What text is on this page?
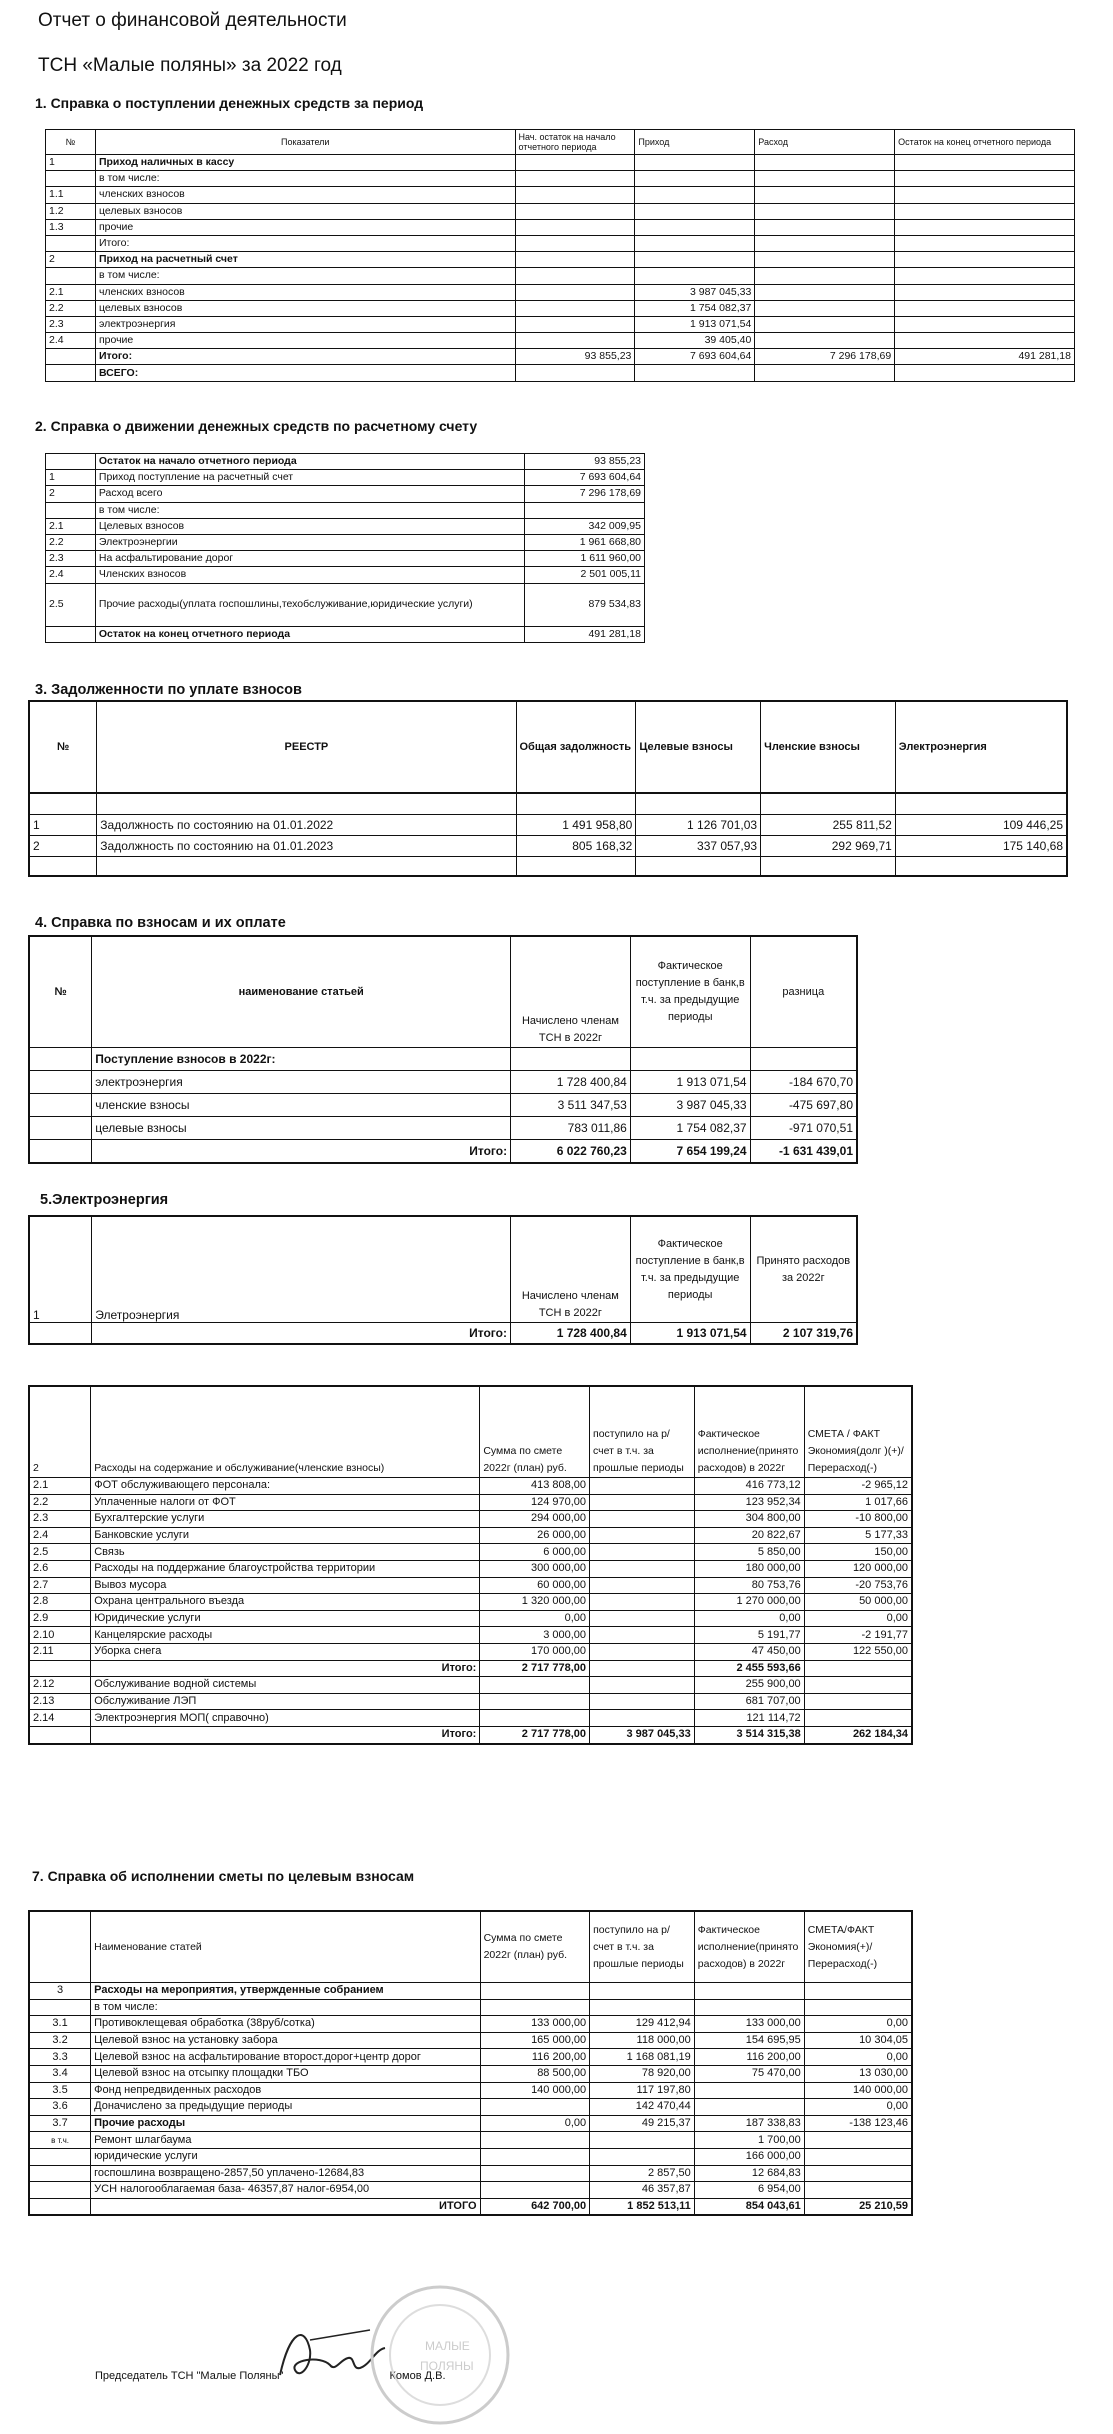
Отчет о финансовой деятельности
ТСН «Малые поляны» за 2022 год
1. Справка о поступлении денежных средств за период
№	Показатели	Нач. остаток на начало отчетного периода	Приход	Расход	Остаток на конец отчетного периода
1	Приход наличных в кассу				
	в том числе:				
1.1	членских взносов				
1.2	целевых взносов				
1.3	прочие				
	Итого:				
2	Приход на расчетный счет				
	в том числе:				
2.1	членских взносов		3 987 045,33		
2.2	целевых взносов		1 754 082,37		
2.3	электроэнергия		1 913 071,54		
2.4	прочие		39 405,40		
	Итого:	93 855,23	7 693 604,64	7 296 178,69	491 281,18
	ВСЕГО:				
2. Справка о движении денежных средств по расчетному счету
	Остаток на начало отчетного периода	93 855,23
1	Приход поступление на расчетный счет	7 693 604,64
2	Расход всего	7 296 178,69
	в том числе:	
2.1	Целевых взносов	342 009,95
2.2	Электроэнергии	1 961 668,80
2.3	На асфальтирование дорог	1 611 960,00
2.4	Членских взносов	2 501 005,11
2.5	Прочие расходы(уплата госпошлины,техобслуживание,юридические услуги)	879 534,83
	Остаток на конец отчетного периода	491 281,18
3. Задолженности по уплате взносов
№	РЕЕСТР	Общая задолжность	Целевые взносы	Членские взносы	Электроэнергия

1	Задолжность по состоянию на 01.01.2022	1 491 958,80	1 126 701,03	255 811,52	109 446,25
2	Задолжность по состоянию на 01.01.2023	805 168,32	337 057,93	292 969,71	175 140,68

4. Справка по взносам и их оплате
№	наименование статьей	Начислено членам ТСН в 2022г	Фактическое поступление в банк,в т.ч. за предыдущие периоды	разница
	Поступление взносов в 2022г:			
	электроэнергия	1 728 400,84	1 913 071,54	-184 670,70
	членские взносы	3 511 347,53	3 987 045,33	-475 697,80
	целевые взносы	783 011,86	1 754 082,37	-971 070,51
	Итого:	6 022 760,23	7 654 199,24	-1 631 439,01
5.Электроэнергия
1	Элетроэнергия	Начислено членам ТСН в 2022г	Фактическое поступление в банк,в т.ч. за предыдущие периоды	Принято расходов за 2022г
	Итого:	1 728 400,84	1 913 071,54	2 107 319,76
2	Расходы на содержание и обслуживание(членские взносы)	Сумма по смете 2022г (план) руб.	поступило на р/счет в т.ч. за прошлые периоды	Фактическое исполнение(принято расходов) в 2022г	СМЕТА / ФАКТ Экономия(долг )(+)/ Перерасход(-)
2.1	ФОТ обслуживающего персонала:	413 808,00		416 773,12	-2 965,12
2.2	Уплаченные налоги от ФОТ	124 970,00		123 952,34	1 017,66
2.3	Бухгалтерские услуги	294 000,00		304 800,00	-10 800,00
2.4	Банковские услуги	26 000,00		20 822,67	5 177,33
2.5	Связь	6 000,00		5 850,00	150,00
2.6	Расходы на поддержание благоустройства территории	300 000,00		180 000,00	120 000,00
2.7	Вывоз мусора	60 000,00		80 753,76	-20 753,76
2.8	Охрана центрального въезда	1 320 000,00		1 270 000,00	50 000,00
2.9	Юридические услуги	0,00		0,00	0,00
2.10	Канцелярские расходы	3 000,00		5 191,77	-2 191,77
2.11	Уборка снега	170 000,00		47 450,00	122 550,00
	Итого:	2 717 778,00		2 455 593,66	
2.12	Обслуживание водной системы			255 900,00	
2.13	Обслуживание ЛЭП			681 707,00	
2.14	Электроэнергия МОП( справочно)			121 114,72	
	Итого:	2 717 778,00	3 987 045,33	3 514 315,38	262 184,34
7. Справка об исполнении сметы по целевым взносам
	Наименование статей	Сумма по смете 2022г (план) руб.	поступило на р/счет в т.ч. за прошлые периоды	Фактическое исполнение(принято расходов) в 2022г	СМЕТА/ФАКТ Экономия(+)/ Перерасход(-)
3	Расходы на мероприятия, утвержденные собранием				
	в том числе:				
3.1	Противоклещевая обработка (38руб/сотка)	133 000,00	129 412,94	133 000,00	0,00
3.2	Целевой взнос на установку забора	165 000,00	118 000,00	154 695,95	10 304,05
3.3	Целевой взнос на асфальтирование второст.дорог+центр дорог	116 200,00	1 168 081,19	116 200,00	0,00
3.4	Целевой взнос на отсыпку площадки ТБО	88 500,00	78 920,00	75 470,00	13 030,00
3.5	Фонд непредвиденных расходов	140 000,00	117 197,80		140 000,00
3.6	Доначислено за предыдущие периоды		142 470,44		0,00
3.7	Прочие расходы	0,00	49 215,37	187 338,83	-138 123,46
в т.ч.	Ремонт шлагбаума			1 700,00	
	юридические услуги			166 000,00	
	госпошлина возвращено-2857,50 уплачено-12684,83		2 857,50	12 684,83	
	УСН налогооблагаемая база- 46357,87 налог-6954,00		46 357,87	6 954,00	
	ИТОГО	642 700,00	1 852 513,11	854 043,61	25 210,59
Председатель ТСН "Малые Поляны"	Комов Д.В.
МАЛЫЕ
ПОЛЯНЫ
